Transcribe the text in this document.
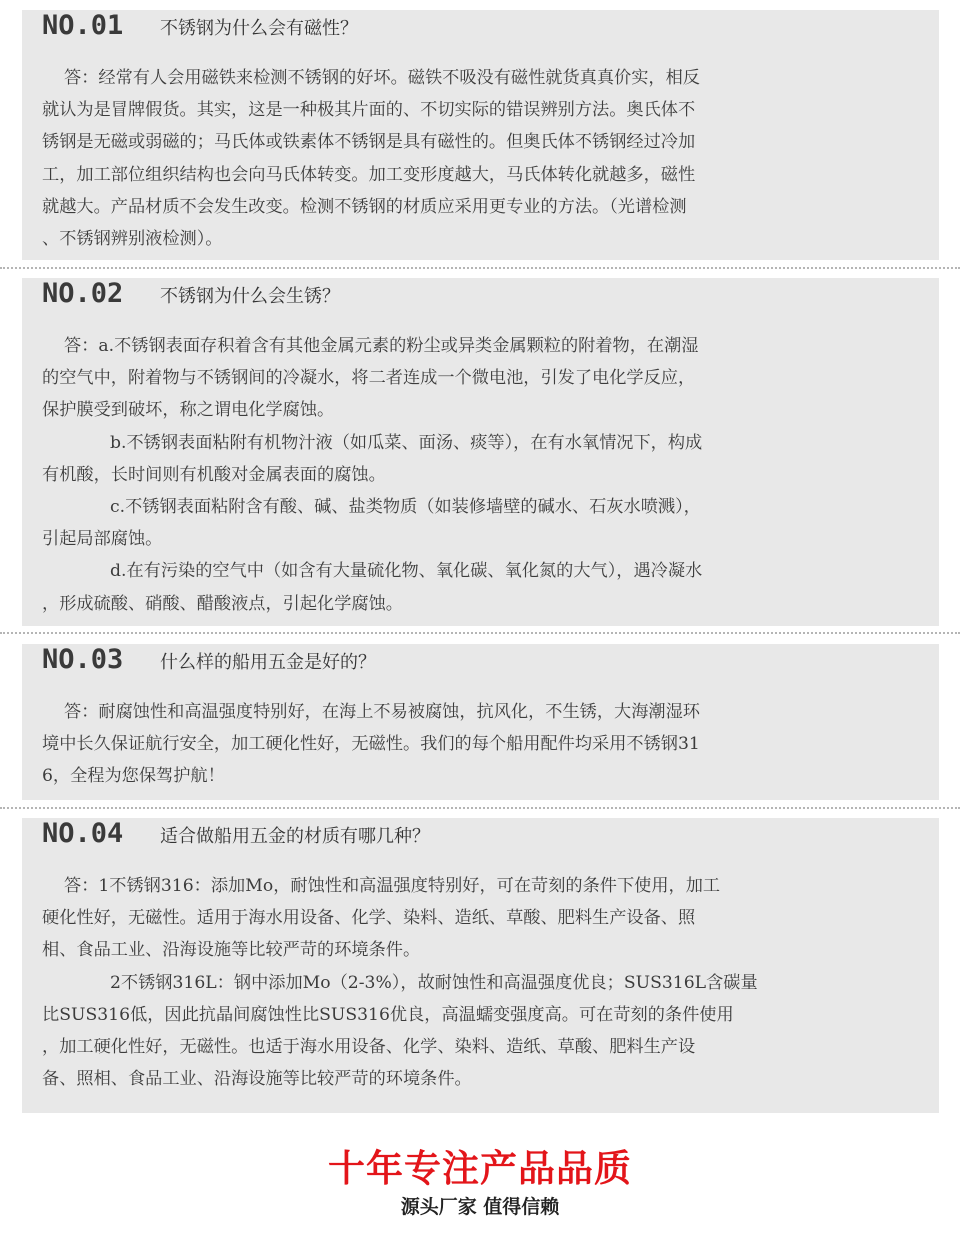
NO.01	不锈钢为什么会有磁性？
答：经常有人会用磁铁来检测不锈钢的好坏。磁铁不吸没有磁性就货真真价实，相反
就认为是冒牌假货。其实，这是一种极其片面的、不切实际的错误辨别方法。奥氏体不
锈钢是无磁或弱磁的；马氏体或铁素体不锈钢是具有磁性的。但奥氏体不锈钢经过冷加
工，加工部位组织结构也会向马氏体转变。加工变形度越大，马氏体转化就越多，磁性
就越大。产品材质不会发生改变。检测不锈钢的材质应采用更专业的方法。（光谱检测
、不锈钢辨别液检测）。
NO.02	不锈钢为什么会生锈？
答：a.不锈钢表面存积着含有其他金属元素的粉尘或异类金属颗粒的附着物，在潮湿
的空气中，附着物与不锈钢间的冷凝水，将二者连成一个微电池，引发了电化学反应，
保护膜受到破坏，称之谓电化学腐蚀。
b.不锈钢表面粘附有机物汁液（如瓜菜、面汤、痰等），在有水氧情况下，构成
有机酸，长时间则有机酸对金属表面的腐蚀。
c.不锈钢表面粘附含有酸、碱、盐类物质（如装修墙壁的碱水、石灰水喷溅），
引起局部腐蚀。
d.在有污染的空气中（如含有大量硫化物、氧化碳、氧化氮的大气），遇冷凝水
，形成硫酸、硝酸、醋酸液点，引起化学腐蚀。
NO.03	什么样的船用五金是好的？
答：耐腐蚀性和高温强度特别好，在海上不易被腐蚀，抗风化，不生锈，大海潮湿环
境中长久保证航行安全，加工硬化性好，无磁性。我们的每个船用配件均采用不锈钢31
6，全程为您保驾护航！
NO.04	适合做船用五金的材质有哪几种？
答：1不锈钢316：添加Mo，耐蚀性和高温强度特别好，可在苛刻的条件下使用，加工
硬化性好，无磁性。适用于海水用设备、化学、染料、造纸、草酸、肥料生产设备、照
相、食品工业、沿海设施等比较严苛的环境条件。
2不锈钢316L：钢中添加Mo（2-3%），故耐蚀性和高温强度优良；SUS316L含碳量
比SUS316低，因此抗晶间腐蚀性比SUS316优良，高温蠕变强度高。可在苛刻的条件使用
，加工硬化性好，无磁性。也适于海水用设备、化学、染料、造纸、草酸、肥料生产设
备、照相、食品工业、沿海设施等比较严苛的环境条件。
十年专注产品品质
源头厂家 值得信赖
